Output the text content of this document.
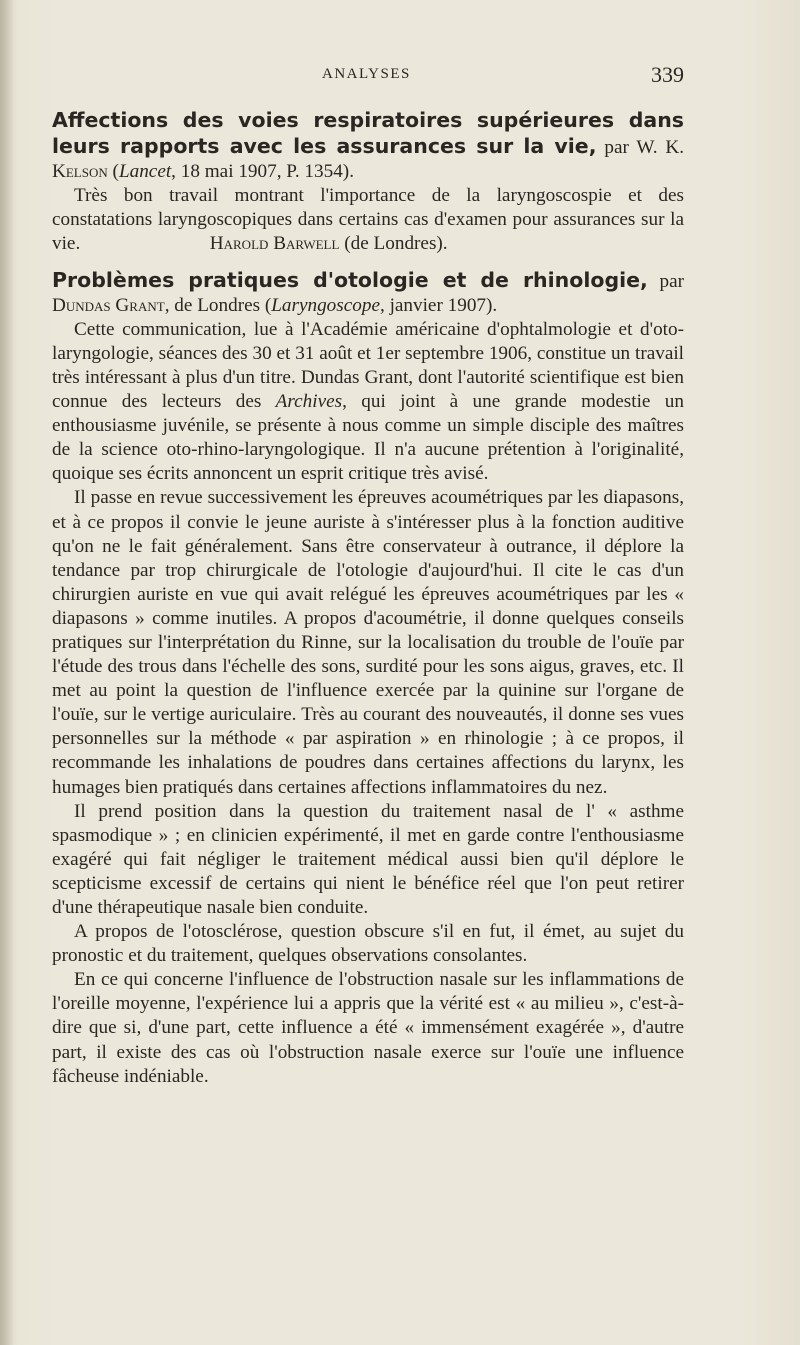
ANALYSES	339

Affections des voies respiratoires supérieures dans leurs rapports avec les assurances sur la vie, par W. K. Kelson (Lancet, 18 mai 1907, P. 1354).

Très bon travail montrant l'importance de la laryngoscospie et des constatations laryngoscopiques dans certains cas d'examen pour assurances sur la vie.	Harold Barwell (de Londres).

Problèmes pratiques d'otologie et de rhinologie, par Dundas Grant, de Londres (Laryngoscope, janvier 1907).

Cette communication, lue à l'Académie américaine d'ophtalmologie et d'oto-laryngologie, séances des 30 et 31 août et 1er septembre 1906, constitue un travail très intéressant à plus d'un titre. Dundas Grant, dont l'autorité scientifique est bien connue des lecteurs des Archives, qui joint à une grande modestie un enthousiasme juvénile, se présente à nous comme un simple disciple des maîtres de la science oto-rhino-laryngologique. Il n'a aucune prétention à l'originalité, quoique ses écrits annoncent un esprit critique très avisé.

Il passe en revue successivement les épreuves acoumétriques par les diapasons, et à ce propos il convie le jeune auriste à s'intéresser plus à la fonction auditive qu'on ne le fait généralement. Sans être conservateur à outrance, il déplore la tendance par trop chirurgicale de l'otologie d'aujourd'hui. Il cite le cas d'un chirurgien auriste en vue qui avait relégué les épreuves acoumétriques par les « diapasons » comme inutiles. A propos d'acoumétrie, il donne quelques conseils pratiques sur l'interprétation du Rinne, sur la localisation du trouble de l'ouïe par l'étude des trous dans l'échelle des sons, surdité pour les sons aigus, graves, etc. Il met au point la question de l'influence exercée par la quinine sur l'organe de l'ouïe, sur le vertige auriculaire. Très au courant des nouveautés, il donne ses vues personnelles sur la méthode « par aspiration » en rhinologie ; à ce propos, il recommande les inhalations de poudres dans certaines affections du larynx, les humages bien pratiqués dans certaines affections inflammatoires du nez.

Il prend position dans la question du traitement nasal de l' « asthme spasmodique » ; en clinicien expérimenté, il met en garde contre l'enthousiasme exagéré qui fait négliger le traitement médical aussi bien qu'il déplore le scepticisme excessif de certains qui nient le bénéfice réel que l'on peut retirer d'une thérapeutique nasale bien conduite.

A propos de l'otosclérose, question obscure s'il en fut, il émet, au sujet du pronostic et du traitement, quelques observations consolantes.

En ce qui concerne l'influence de l'obstruction nasale sur les inflammations de l'oreille moyenne, l'expérience lui a appris que la vérité est « au milieu », c'est-à-dire que si, d'une part, cette influence a été « immensément exagérée », d'autre part, il existe des cas où l'obstruction nasale exerce sur l'ouïe une influence fâcheuse indéniable.
